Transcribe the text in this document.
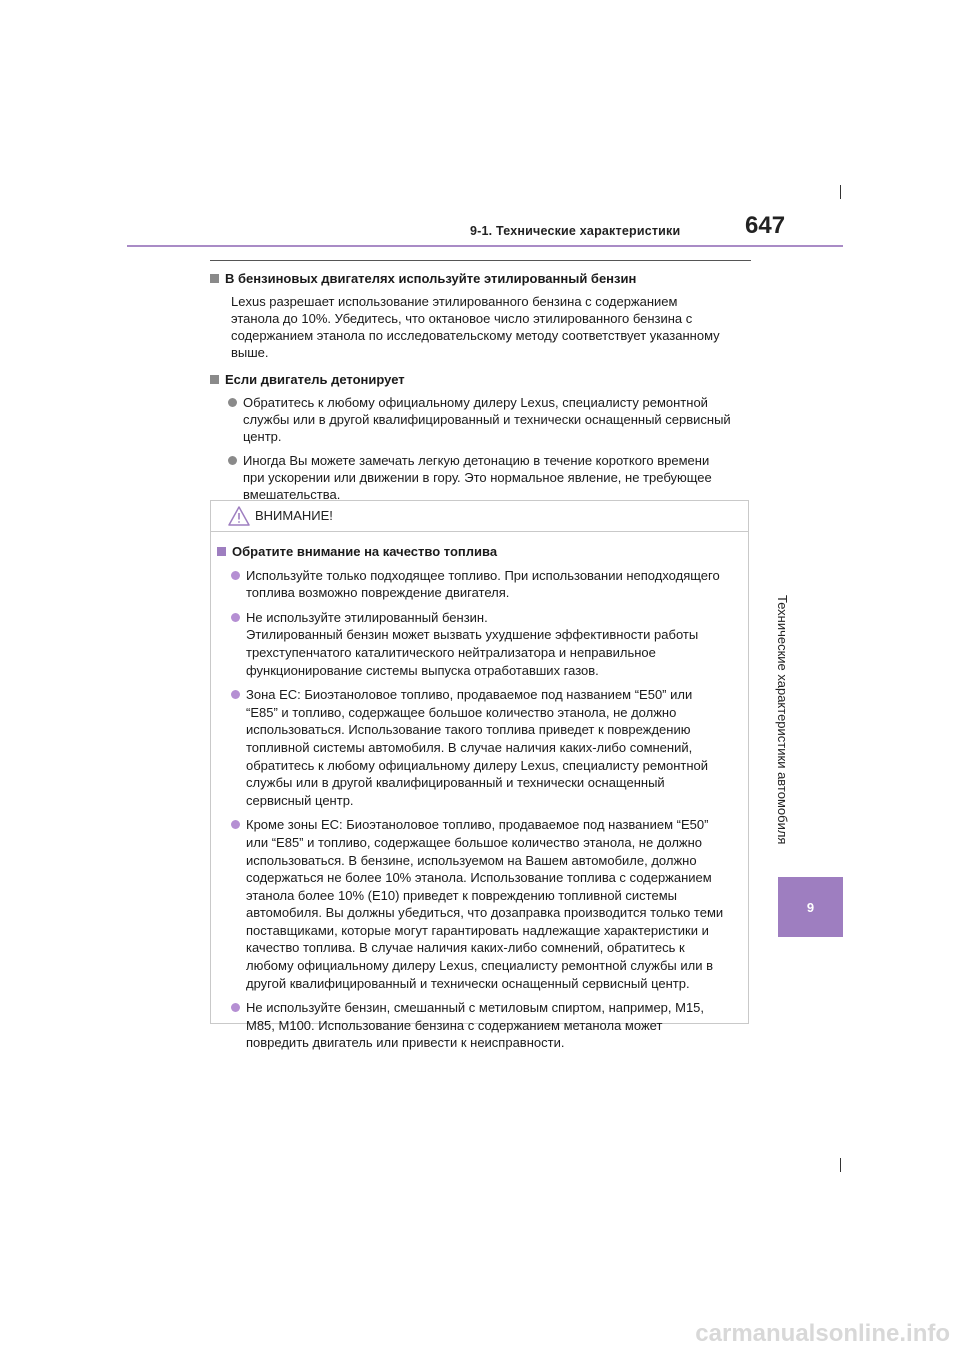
9-1. Технические характеристики	647
В бензиновых двигателях используйте этилированный бензин
Lexus разрешает использование этилированного бензина с содержанием
этанола до 10%. Убедитесь, что октановое число этилированного бензина с
содержанием этанола по исследовательскому методу соответствует указанному
выше.
Если двигатель детонирует
Обратитесь к любому официальному дилеру Lexus, специалисту ремонтной
службы или в другой квалифицированный и технически оснащенный сервисный
центр.
Иногда Вы можете замечать легкую детонацию в течение короткого времени
при ускорении или движении в гору. Это нормальное явление, не требующее
вмешательства.
ВНИМАНИЕ!
Обратите внимание на качество топлива
Используйте только подходящее топливо. При использовании неподходящего
топлива возможно повреждение двигателя.
Не используйте этилированный бензин.
Этилированный бензин может вызвать ухудшение эффективности работы
трехступенчатого каталитического нейтрализатора и неправильное
функционирование системы выпуска отработавших газов.
Зона ЕС: Биоэтаноловое топливо, продаваемое под названием “E50” или
“E85” и топливо, содержащее большое количество этанола, не должно
использоваться. Использование такого топлива приведет к повреждению
топливной системы автомобиля. В случае наличия каких-либо сомнений,
обратитесь к любому официальному дилеру Lexus, специалисту ремонтной
службы или в другой квалифицированный и технически оснащенный
сервисный центр.
Кроме зоны ЕС: Биоэтаноловое топливо, продаваемое под названием “E50”
или “E85” и топливо, содержащее большое количество этанола, не должно
использоваться. В бензине, используемом на Вашем автомобиле, должно
содержаться не более 10% этанола. Использование топлива с содержанием
этанола более 10% (E10) приведет к повреждению топливной системы
автомобиля. Вы должны убедиться, что дозаправка производится только теми
поставщиками, которые могут гарантировать надлежащие характеристики и
качество топлива. В случае наличия каких-либо сомнений, обратитесь к
любому официальному дилеру Lexus, специалисту ремонтной службы или в
другой квалифицированный и технически оснащенный сервисный центр.
Не используйте бензин, смешанный с метиловым спиртом, например, M15,
M85, M100. Использование бензина с содержанием метанола может
повредить двигатель или привести к неисправности.
Технические характеристики автомобиля
9
carmanualsonline.info
